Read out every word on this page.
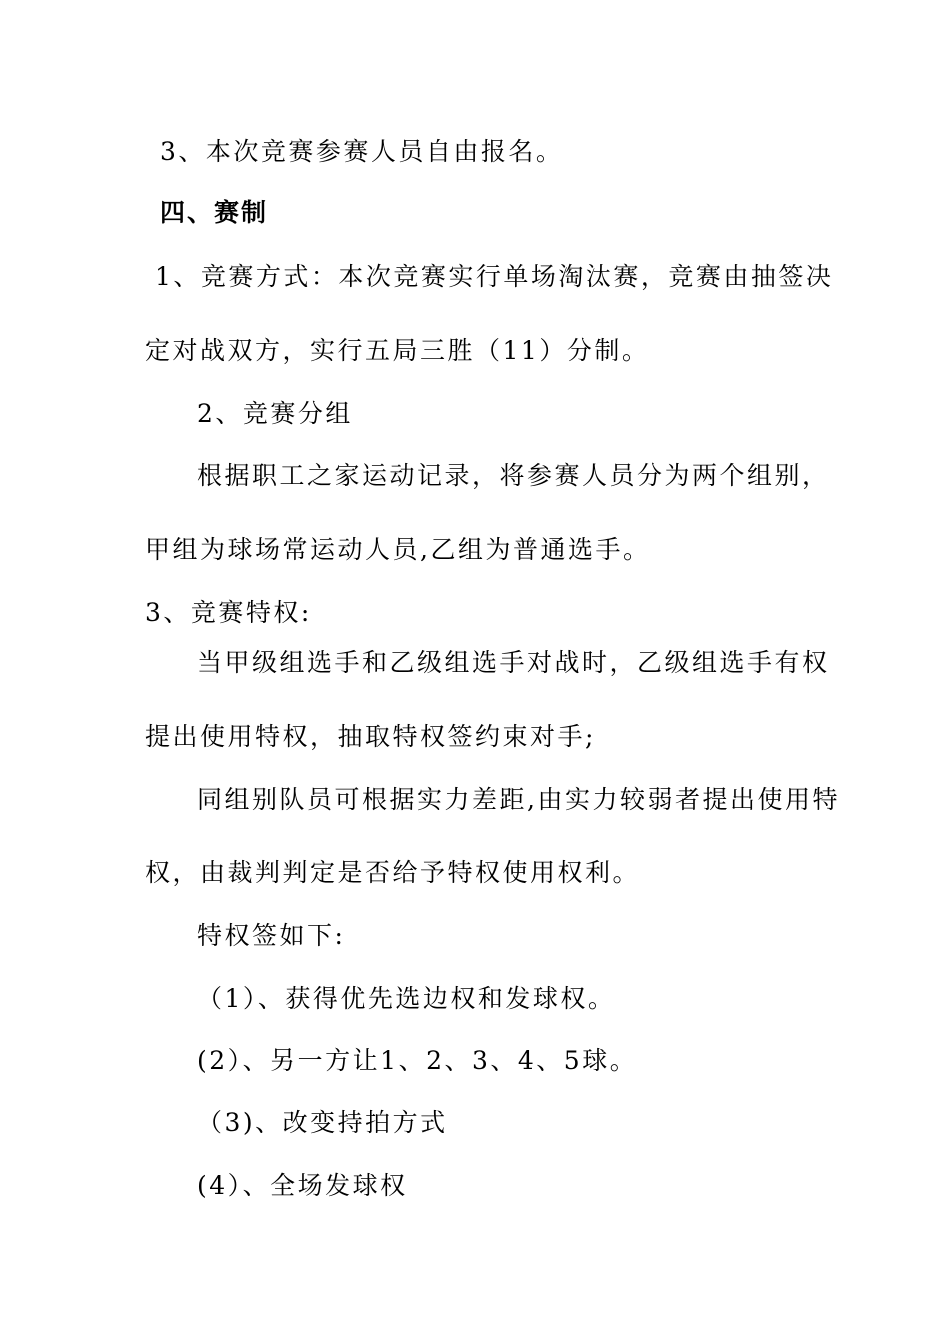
3、本次竞赛参赛人员自由报名。
四、赛制
1、竞赛方式：本次竞赛实行单场淘汰赛，竞赛由抽签决
定对战双方，实行五局三胜（11）分制。
2、竞赛分组
根据职工之家运动记录，将参赛人员分为两个组别，
甲组为球场常运动人员,乙组为普通选手。
3、竞赛特权:
当甲级组选手和乙级组选手对战时，乙级组选手有权
提出使用特权，抽取特权签约束对手;
同组别队员可根据实力差距,由实力较弱者提出使用特
权，由裁判判定是否给予特权使用权利。
特权签如下:
（1）、获得优先选边权和发球权。
(2）、另一方让1、2、3、4、5球。
（3)、改变持拍方式
(4）、全场发球权
